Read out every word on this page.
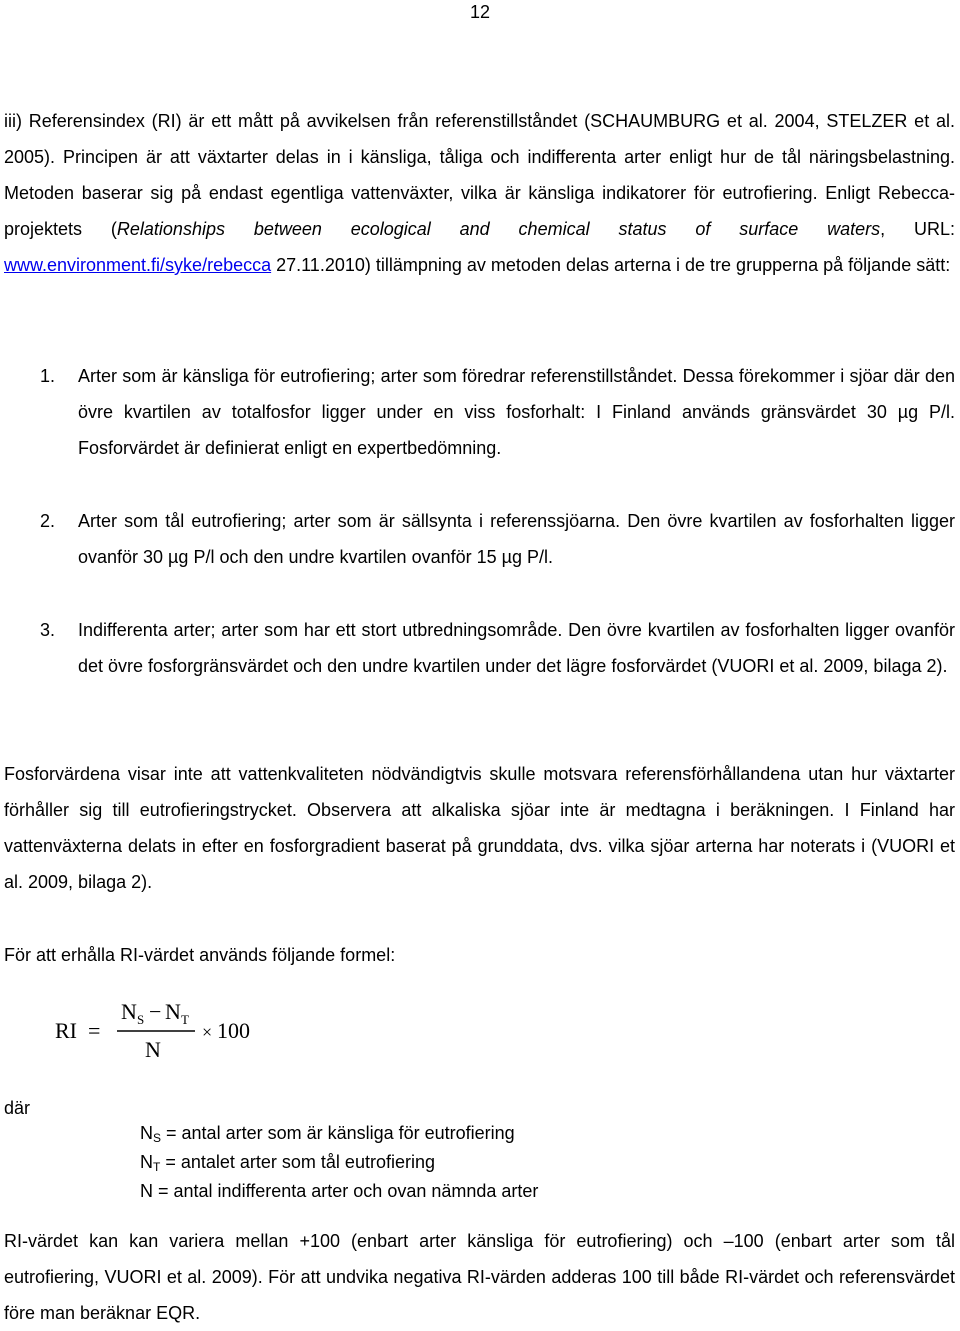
12
iii) Referensindex (RI) är ett mått på avvikelsen från referenstillståndet (SCHAUMBURG et al. 2004, STELZER et al. 2005). Principen är att växtarter delas in i känsliga, tåliga och indifferenta arter enligt hur de tål näringsbelastning. Metoden baserar sig på endast egentliga vattenväxter, vilka är känsliga indikatorer för eutrofiering. Enligt Rebecca-projektets (Relationships between ecological and chemical status of surface waters, URL: www.environment.fi/syke/rebecca 27.11.2010) tillämpning av metoden delas arterna i de tre grupperna på följande sätt:
1. Arter som är känsliga för eutrofiering; arter som föredrar referenstillståndet. Dessa förekommer i sjöar där den övre kvartilen av totalfosfor ligger under en viss fosforhalt: I Finland används gränsvärdet 30 µg P/l. Fosforvärdet är definierat enligt en expertbedömning.
2. Arter som tål eutrofiering; arter som är sällsynta i referenssjöarna. Den övre kvartilen av fosforhalten ligger ovanför 30 µg P/l och den undre kvartilen ovanför 15 µg P/l.
3. Indifferenta arter; arter som har ett stort utbredningsområde. Den övre kvartilen av fosforhalten ligger ovanför det övre fosforgränsvärdet och den undre kvartilen under det lägre fosforvärdet (VUORI et al. 2009, bilaga 2).
Fosforvärdena visar inte att vattenkvaliteten nödvändigtvis skulle motsvara referensförhållandena utan hur växtarter förhåller sig till eutrofieringstrycket. Observera att alkaliska sjöar inte är medtagna i beräkningen. I Finland har vattenväxterna delats in efter en fosforgradient baserat på grunddata, dvs. vilka sjöar arterna har noterats i (VUORI et al. 2009, bilaga 2).
För att erhålla RI-värdet används följande formel:
RI =
N S − N T
N
× 100
där
$N_S$ = antal arter som är känsliga för eutrofiering
$N_T$ = antalet arter som tål eutrofiering
N = antal indifferenta arter och ovan nämnda arter
RI-värdet kan kan variera mellan +100 (enbart arter känsliga för eutrofiering) och –100 (enbart arter som tål eutrofiering, VUORI et al. 2009). För att undvika negativa RI-värden adderas 100 till både RI-värdet och referensvärdet före man beräknar EQR.
